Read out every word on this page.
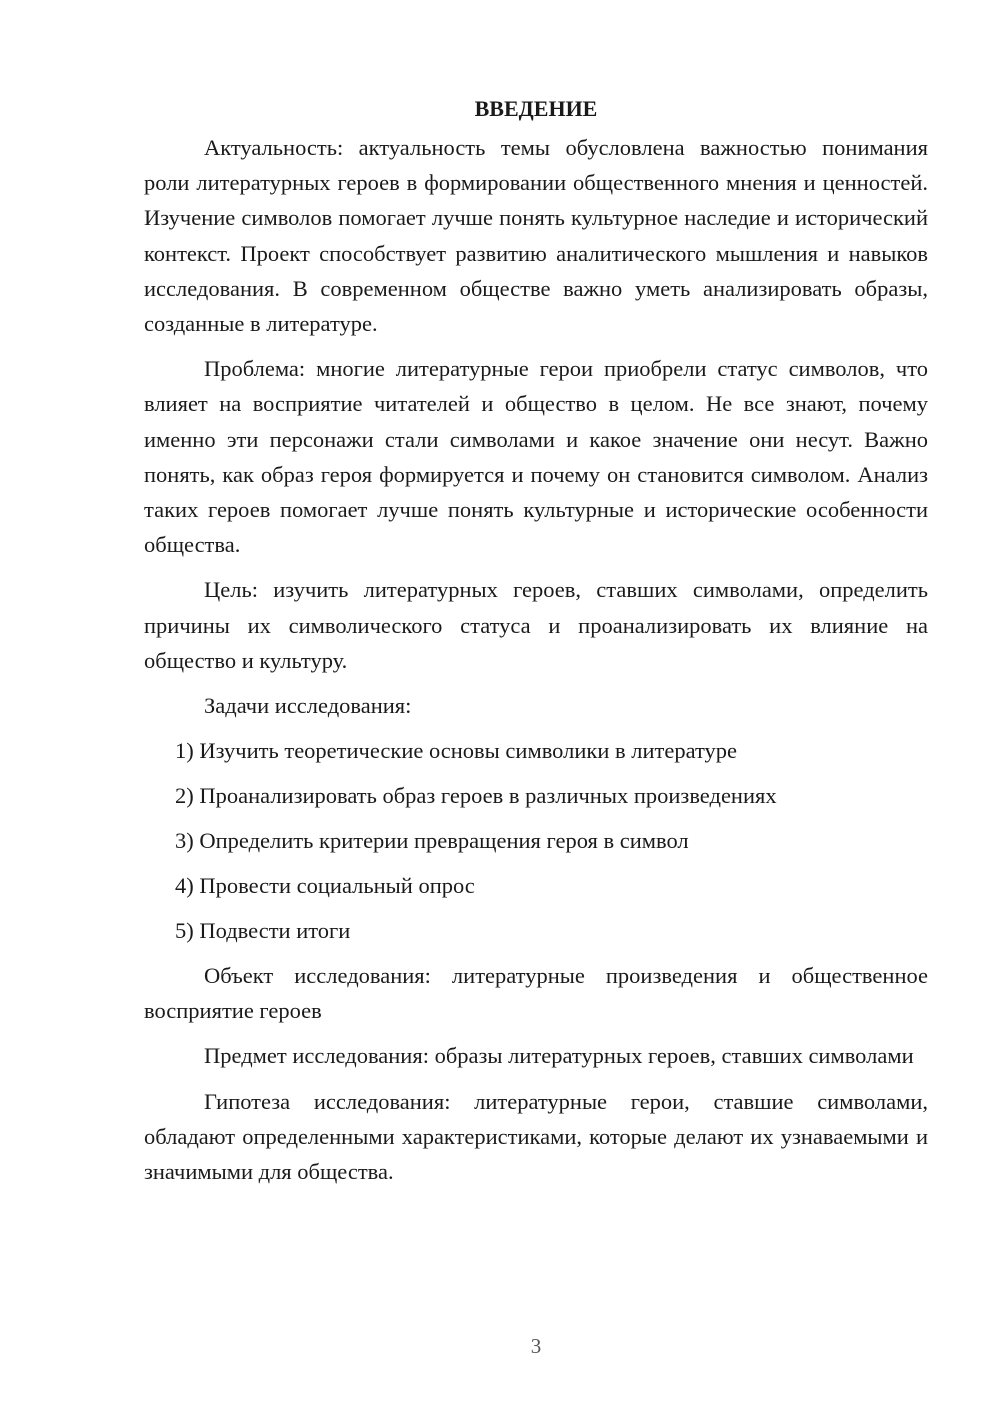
ВВЕДЕНИЕ

Актуальность: актуальность темы обусловлена важностью понимания роли литературных героев в формировании общественного мнения и ценностей. Изучение символов помогает лучше понять культурное наследие и исторический контекст. Проект способствует развитию аналитического мышления и навыков исследования. В современном обществе важно уметь анализировать образы, созданные в литературе.

Проблема: многие литературные герои приобрели статус символов, что влияет на восприятие читателей и общество в целом. Не все знают, почему именно эти персонажи стали символами и какое значение они несут. Важно понять, как образ героя формируется и почему он становится символом. Анализ таких героев помогает лучше понять культурные и исторические особенности общества.

Цель: изучить литературных героев, ставших символами, определить причины их символического статуса и проанализировать их влияние на общество и культуру.

Задачи исследования:
1) Изучить теоретические основы символики в литературе
2) Проанализировать образ героев в различных произведениях
3) Определить критерии превращения героя в символ
4) Провести социальный опрос
5) Подвести итоги

Объект исследования: литературные произведения и общественное восприятие героев

Предмет исследования: образы литературных героев, ставших символами

Гипотеза исследования: литературные герои, ставшие символами, обладают определенными характеристиками, которые делают их узнаваемыми и значимыми для общества.

3
